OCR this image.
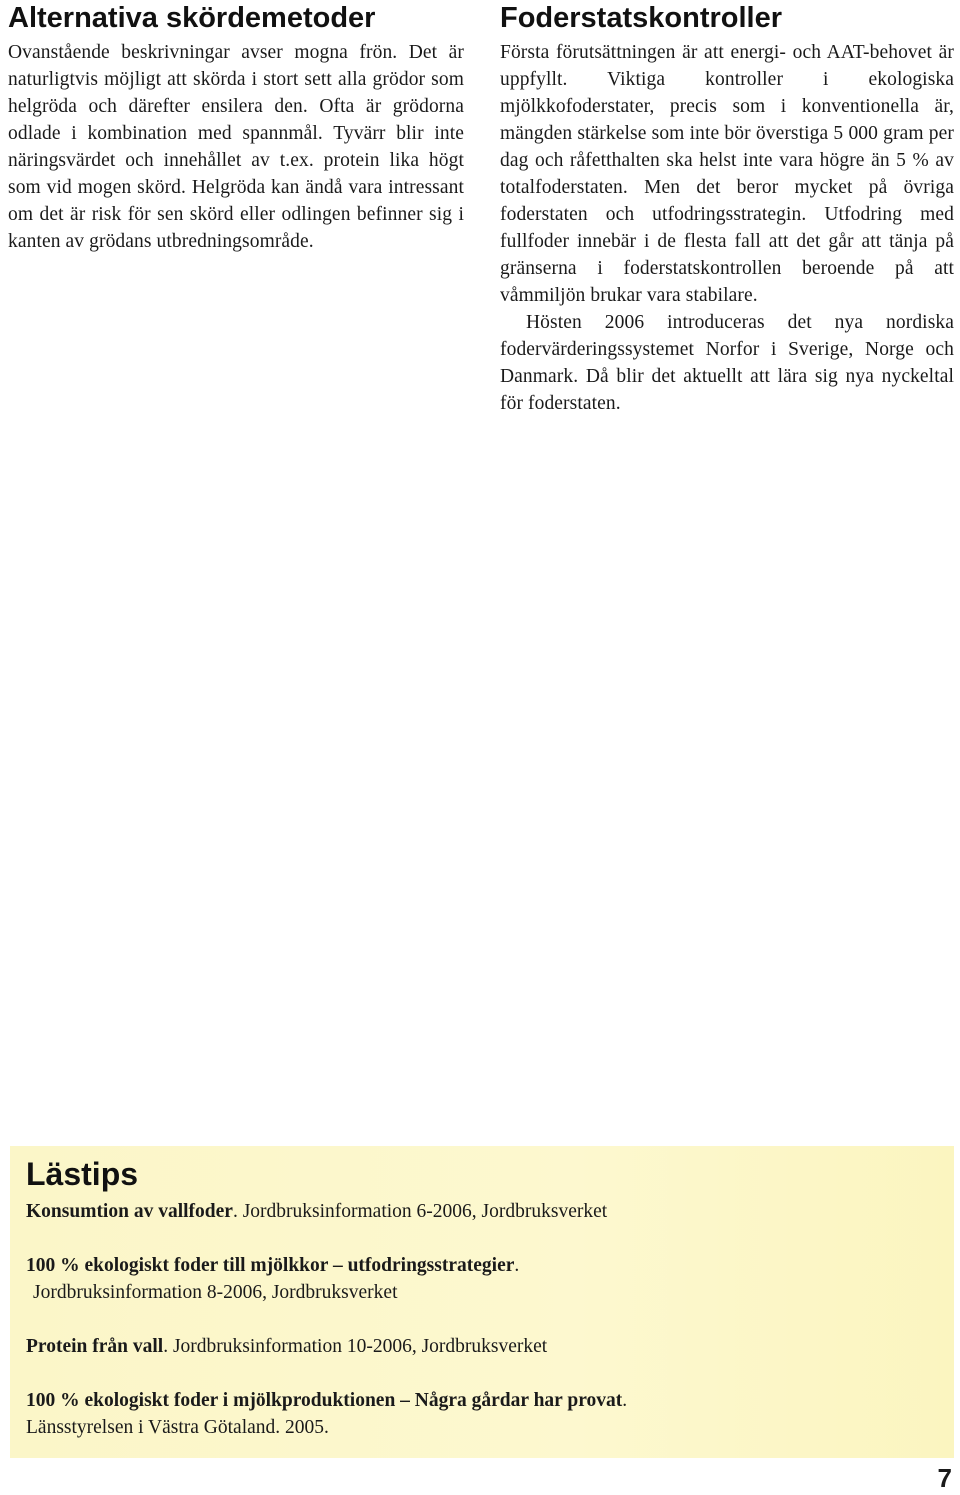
Alternativa skördemetoder

Ovanstående beskrivningar avser mogna frön. Det är naturligtvis möjligt att skörda i stort sett alla grödor som helgröda och därefter ensilera den. Ofta är grödorna odlade i kombination med spannmål. Tyvärr blir inte näringsvärdet och innehållet av t.ex. protein lika högt som vid mogen skörd. Helgröda kan ändå vara intressant om det är risk för sen skörd eller odlingen befinner sig i kanten av grödans utbredningsområde.

Foderstatskontroller

Första förutsättningen är att energi- och AAT-behovet är uppfyllt. Viktiga kontroller i ekologiska mjölkkofoderstater, precis som i konventionella är, mängden stärkelse som inte bör överstiga 5 000 gram per dag och råfetthalten ska helst inte vara högre än 5 % av totalfoderstaten. Men det beror mycket på övriga foderstaten och utfodringsstrategin. Utfodring med fullfoder innebär i de flesta fall att det går att tänja på gränserna i foderstatskontrollen beroende på att våmmiljön brukar vara stabilare.

Hösten 2006 introduceras det nya nordiska fodervärderingssystemet Norfor i Sverige, Norge och Danmark. Då blir det aktuellt att lära sig nya nyckeltal för foderstaten.

Lästips
Konsumtion av vallfoder. Jordbruksinformation 6-2006, Jordbruksverket
100 % ekologiskt foder till mjölkkor – utfodringsstrategier.
Jordbruksinformation 8-2006, Jordbruksverket
Protein från vall. Jordbruksinformation 10-2006, Jordbruksverket
100 % ekologiskt foder i mjölkproduktionen – Några gårdar har provat.
Länsstyrelsen i Västra Götaland. 2005.
7
